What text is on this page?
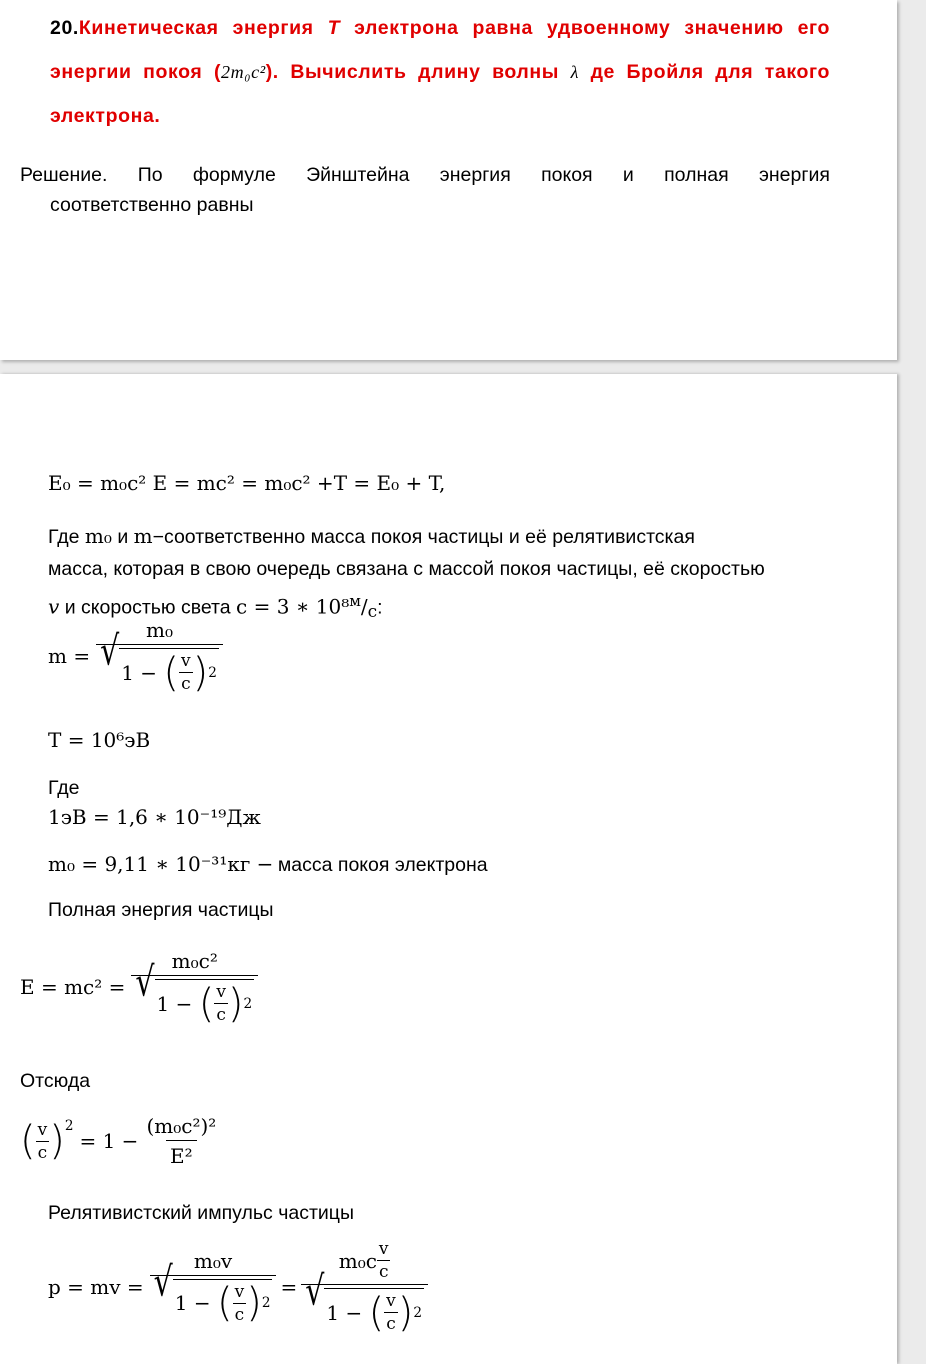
20.Кинетическая энергия T электрона равна удвоенному значению его энергии покоя (2m₀c²). Вычислить длину волны λ де Бройля для такого электрона.
Решение. По формуле Эйнштейна энергия покоя и полная энергия
соответственно равны
E₀ = m₀c² E = mc² = m₀c² +T = E₀ + T,
Где m₀ и m−соответственно масса покоя частицы и её релятивистская
масса, которая в свою очередь связана с массой покоя частицы, её скоростью
v и скоростью света c = 3 ∗ 10⁸$^м$/с:
m = m₀
√ 1 −
( v
c ) 2
T = 10⁶эВ
Где
1эВ = 1,6 ∗ 10⁻¹⁹Дж
m₀ = 9,11 ∗ 10⁻³¹кг − масса покоя электрона
Полная энергия частицы
E = mc² = m₀c²
√ 1 −
( v
c ) 2
Отсюда
( v
c )$^2$
= $1 - \frac{\text{(m₀c²)²}}{\text{E²}}$
Релятивистский импульс частицы
p = mv = m₀v
√ 1 −
( v
c ) 2 = m₀c v
c
√ 1 −
( v
c ) 2
